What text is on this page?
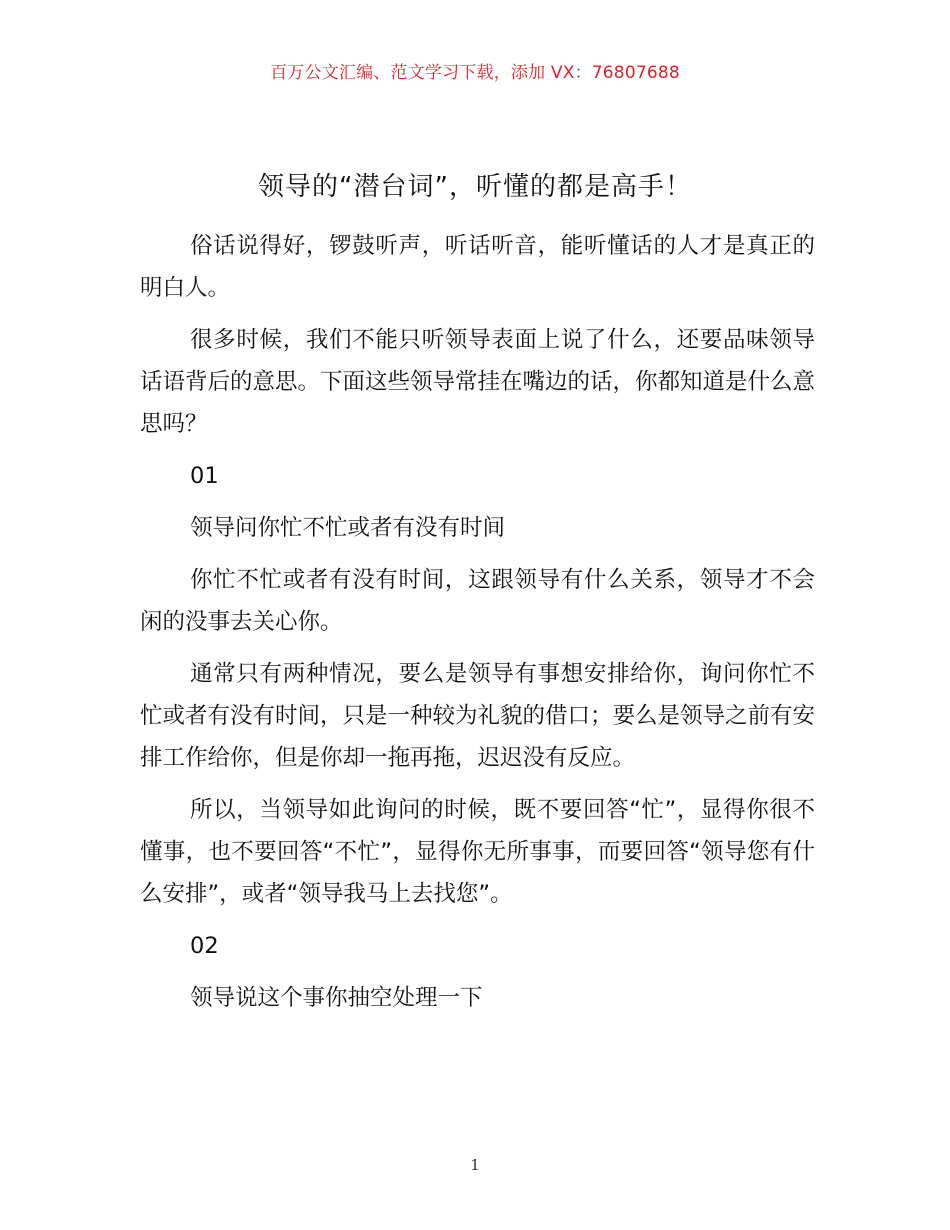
百万公文汇编、范文学习下载，添加 VX：76807688
领导的“潜台词”，听懂的都是高手！

俗话说得好，锣鼓听声，听话听音，能听懂话的人才是真正的明白人。

很多时候，我们不能只听领导表面上说了什么，还要品味领导话语背后的意思。下面这些领导常挂在嘴边的话，你都知道是什么意思吗？

01

领导问你忙不忙或者有没有时间

你忙不忙或者有没有时间，这跟领导有什么关系，领导才不会闲的没事去关心你。

通常只有两种情况，要么是领导有事想安排给你，询问你忙不忙或者有没有时间，只是一种较为礼貌的借口；要么是领导之前有安排工作给你，但是你却一拖再拖，迟迟没有反应。

所以，当领导如此询问的时候，既不要回答“忙”，显得你很不懂事，也不要回答“不忙”，显得你无所事事，而要回答“领导您有什么安排”，或者“领导我马上去找您”。

02

领导说这个事你抽空处理一下

1
